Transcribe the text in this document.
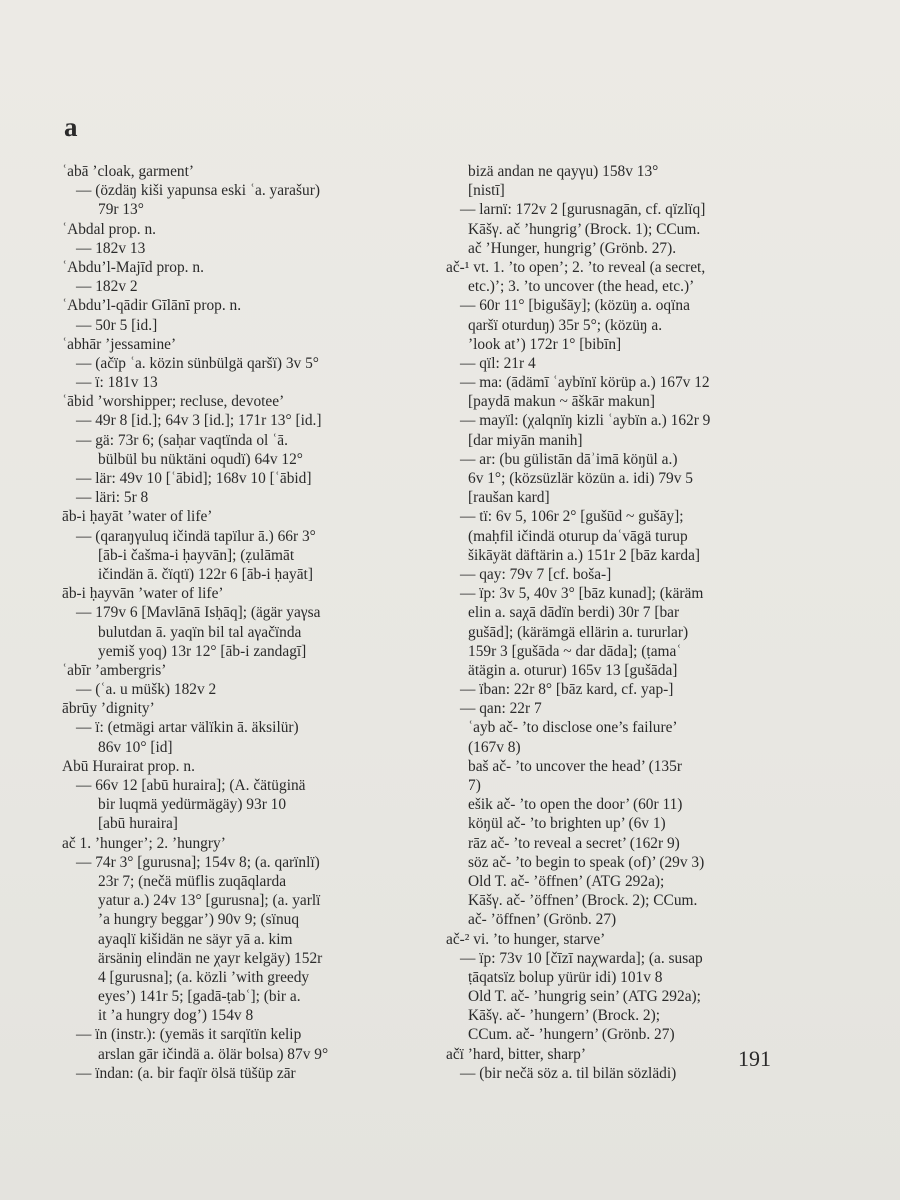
a
ʿabā ’cloak, garment’
— (özdäŋ kiši yapunsa eski ʿa. yarašur)
79r 13°
ʿAbdal prop. n.
— 182v 13
ʿAbdu’l-Majīd prop. n.
— 182v 2
ʿAbdu’l-qādir Gīlānī prop. n.
— 50r 5 [id.]
ʿabhār ’jessamine’
— (ačïp ʿa. közin sünbülgä qaršï) 3v 5°
— ï: 181v 13
ʿābid ’worshipper; recluse, devotee’
— 49r 8 [id.]; 64v 3 [id.]; 171r 13° [id.]
— gä: 73r 6; (saḥar vaqtïnda ol ʿā.
bülbül bu nüktäni oqudï) 64v 12°
— lär: 49v 10 [ʿābid]; 168v 10 [ʿābid]
— läri: 5r 8
āb-i ḥayāt ’water of life’
— (qaraŋγuluq ičindä tapïlur ā.) 66r 3°
[āb-i čašma-i ḥayvān]; (ẓulāmāt
ičindän ā. čïqtï) 122r 6 [āb-i ḥayāt]
āb-i ḥayvān ’water of life’
— 179v 6 [Mavlānā Isḥāq]; (ägär yaγsa
bulutdan ā. yaqïn bil tal aγačïnda
yemiš yoq) 13r 12° [āb-i zandagī]
ʿabīr ’ambergris’
— (ʿa. u müšk) 182v 2
ābrūy ’dignity’
— ï: (etmägi artar välïkin ā. äksilür)
86v 10° [id]
Abū Hurairat prop. n.
— 66v 12 [abū huraira]; (A. čätüginä
bir luqmä yedürmägäy) 93r 10
[abū huraira]
ač 1. ’hunger’; 2. ’hungry’
— 74r 3° [gurusna]; 154v 8; (a. qarïnlï)
23r 7; (nečä müflis zuqāqlarda
yatur a.) 24v 13° [gurusna]; (a. yarlï
’a hungry beggar’) 90v 9; (sïnuq
ayaqlï kišidän ne säyr yā a. kim
ärsäniŋ elindän ne χayr kelgäy) 152r
4 [gurusna]; (a. közli ’with greedy
eyes’) 141r 5; [gadā-ṭabʿ]; (bir a.
it ’a hungry dog’) 154v 8
— ïn (instr.): (yemäs it sarqïtïn kelip
arslan gār ičindä a. ölär bolsa) 87v 9°
— ïndan: (a. bir faqïr ölsä tüšüp zār
bizä andan ne qayγu) 158v 13°
[nistī]
— larnï: 172v 2 [gurusnagān, cf. qïzlïq]
Kāšγ. ač ’hungrig’ (Brock. 1); CCum.
ač ’Hunger, hungrig’ (Grönb. 27).
ač-¹ vt. 1. ’to open’; 2. ’to reveal (a secret,
etc.)’; 3. ’to uncover (the head, etc.)’
— 60r 11° [bigušāy]; (közüŋ a. oqïna
qaršï oturduŋ) 35r 5°; (közüŋ a.
’look at’) 172r 1° [bibīn]
— qïl: 21r 4
— ma: (ādämī ʿaybïnï körüp a.) 167v 12
[paydā makun ~ āškār makun]
— mayïl: (χalqnïŋ kizli ʿaybïn a.) 162r 9
[dar miyān manih]
— ar: (bu gülistān dāʾimā köŋül a.)
6v 1°; (közsüzlär közün a. idi) 79v 5
[raušan kard]
— tï: 6v 5, 106r 2° [gušūd ~ gušāy];
(maḥfil ičindä oturup daʿvāgä turup
šikāyät däftärin a.) 151r 2 [bāz karda]
— qay: 79v 7 [cf. boša-]
— ïp: 3v 5, 40v 3° [bāz kunad]; (käräm
elin a. saχā dādïn berdi) 30r 7 [bar
gušād]; (kärämgä ellärin a. tururlar)
159r 3 [gušāda ~ dar dāda]; (ṭamaʿ
ätägin a. oturur) 165v 13 [gušāda]
— ïban: 22r 8° [bāz kard, cf. yap-]
— qan: 22r 7
ʿayb ač- ’to disclose one’s failure’
(167v 8)
baš ač- ’to uncover the head’ (135r
7)
ešik ač- ’to open the door’ (60r 11)
köŋül ač- ’to brighten up’ (6v 1)
rāz ač- ’to reveal a secret’ (162r 9)
söz ač- ’to begin to speak (of)’ (29v 3)
Old T. ač- ’öffnen’ (ATG 292a);
Kāšγ. ač- ’öffnen’ (Brock. 2); CCum.
ač- ’öffnen’ (Grönb. 27)
ač-² vi. ’to hunger, starve’
— ïp: 73v 10 [čīzī naχwarda]; (a. susap
ṭāqatsïz bolup yürür idi) 101v 8
Old T. ač- ’hungrig sein’ (ATG 292a);
Kāšγ. ač- ’hungern’ (Brock. 2);
CCum. ač- ’hungern’ (Grönb. 27)
ačï ’hard, bitter, sharp’
— (bir nečä söz a. til bilän sözlädi)
191
